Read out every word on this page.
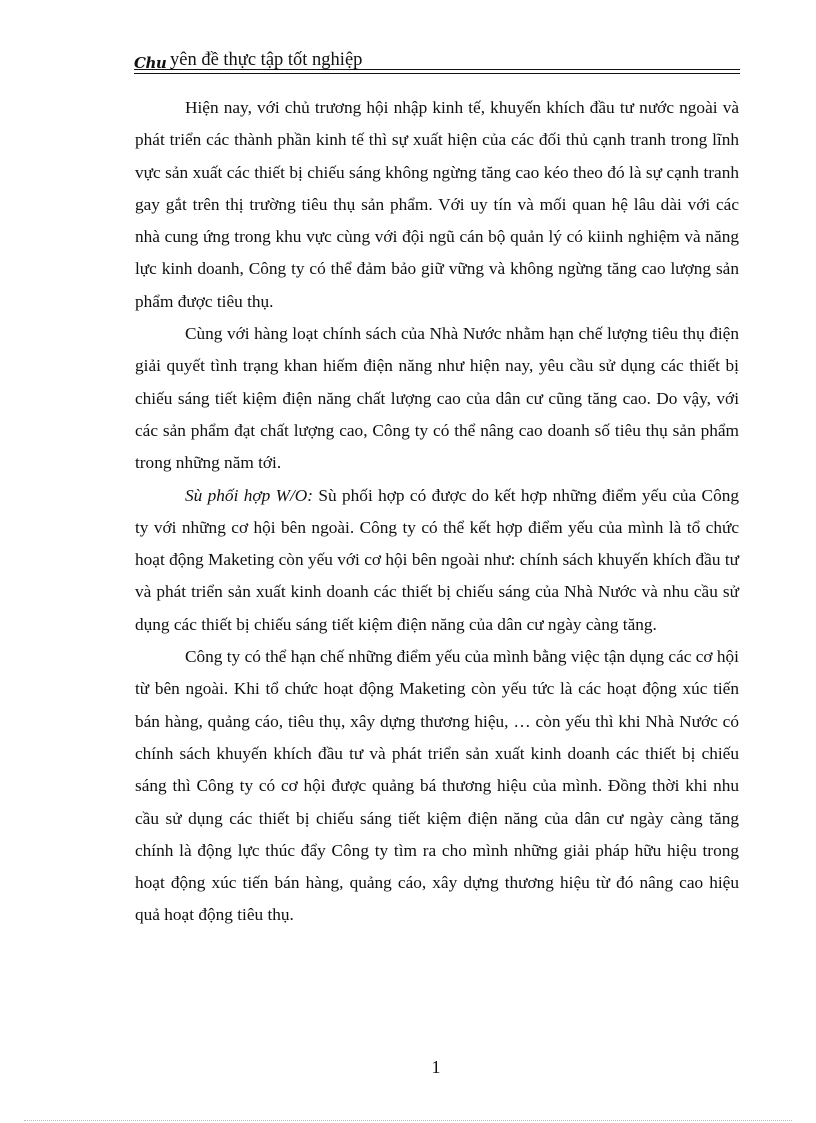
Chu yên đề thực tập tốt nghiệp

Hiện nay, với chủ trương hội nhập kinh tế, khuyến khích đầu tư nước ngoài và phát triển các thành phần kinh tế thì sự xuất hiện của các đối thủ cạnh tranh trong lĩnh vực sản xuất các thiết bị chiếu sáng không ngừng tăng cao kéo theo đó là sự cạnh tranh gay gắt trên thị trường tiêu thụ sản phẩm. Với uy tín và mối quan hệ lâu dài với các nhà cung ứng trong khu vực cùng với đội ngũ cán bộ quản lý có kiinh nghiệm và năng lực kinh doanh, Công ty có thể đảm bảo giữ vững và không ngừng tăng cao lượng sản phẩm được tiêu thụ.

Cùng với hàng loạt chính sách của Nhà Nước nhằm hạn chế lượng tiêu thụ điện giải quyết tình trạng khan hiếm điện năng như hiện nay, yêu cầu sử dụng các thiết bị chiếu sáng tiết kiệm điện năng chất lượng cao của dân cư cũng tăng cao. Do vậy, với các sản phẩm đạt chất lượng cao, Công ty có thể nâng cao doanh số tiêu thụ sản phẩm trong những năm tới.

Sù phối hợp W/O: Sù phối hợp có được do kết hợp những điểm yếu của Công ty với những cơ hội bên ngoài. Công ty có thể kết hợp điểm yếu của mình là tổ chức hoạt động Maketing còn yếu với cơ hội bên ngoài như: chính sách khuyến khích đầu tư và phát triển sản xuất kinh doanh các thiết bị chiếu sáng của Nhà Nước và nhu cầu sử dụng các thiết bị chiếu sáng tiết kiệm điện năng của dân cư ngày càng tăng.

Công ty có thể hạn chế những điểm yếu của mình bằng việc tận dụng các cơ hội từ bên ngoài. Khi tổ chức hoạt động Maketing còn yếu tức là các hoạt động xúc tiến bán hàng, quảng cáo, tiêu thụ, xây dựng thương hiệu, … còn yếu thì khi Nhà Nước có chính sách khuyến khích đầu tư và phát triển sản xuất kinh doanh các thiết bị chiếu sáng thì Công ty có cơ hội được quảng bá thương hiệu của mình. Đồng thời khi nhu cầu sử dụng các thiết bị chiếu sáng tiết kiệm điện năng của dân cư ngày càng tăng chính là động lực thúc đẩy Công ty tìm ra cho mình những giải pháp hữu hiệu trong hoạt động xúc tiến bán hàng, quảng cáo, xây dựng thương hiệu từ đó nâng cao hiệu quả hoạt động tiêu thụ.

1
